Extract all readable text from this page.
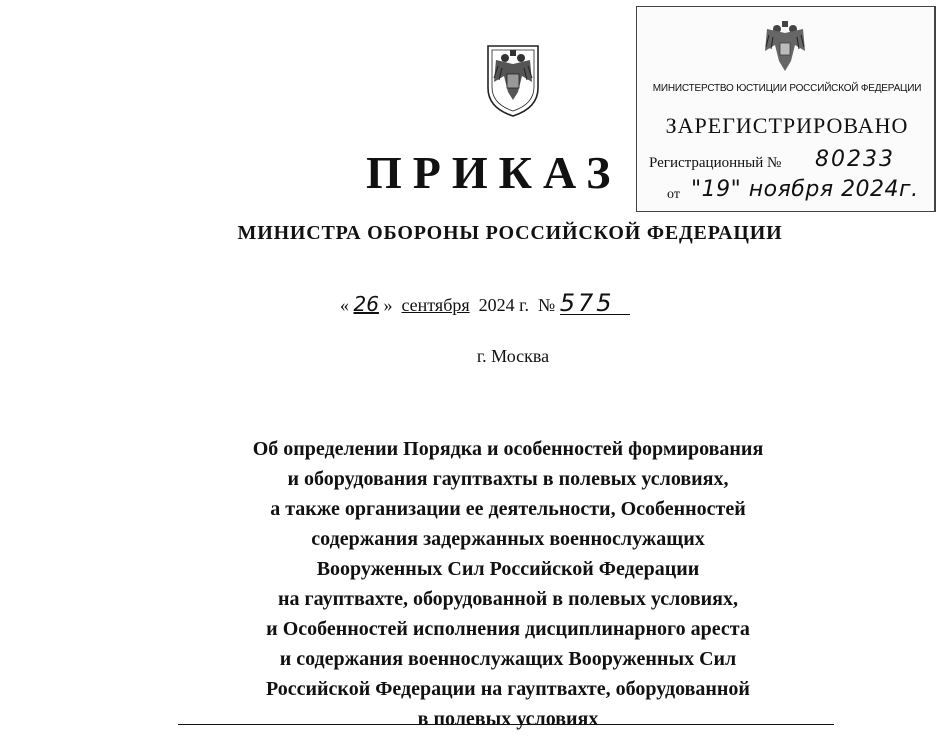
МИНИСТЕРСТВО ЮСТИЦИИ РОССИЙСКОЙ ФЕДЕРАЦИИ
ЗАРЕГИСТРИРОВАНО
Регистрационный № 80233
от "19" ноября 2024г.
ПРИКАЗ
МИНИСТРА ОБОРОНЫ РОССИЙСКОЙ ФЕДЕРАЦИИ
« 26 » сентября 2024 г. № 575
г. Москва
Об определении Порядка и особенностей формирования
и оборудования гауптвахты в полевых условиях,
а также организации ее деятельности, Особенностей
содержания задержанных военнослужащих
Вооруженных Сил Российской Федерации
на гауптвахте, оборудованной в полевых условиях,
и Особенностей исполнения дисциплинарного ареста
и содержания военнослужащих Вооруженных Сил
Российской Федерации на гауптвахте, оборудованной
в полевых условиях
